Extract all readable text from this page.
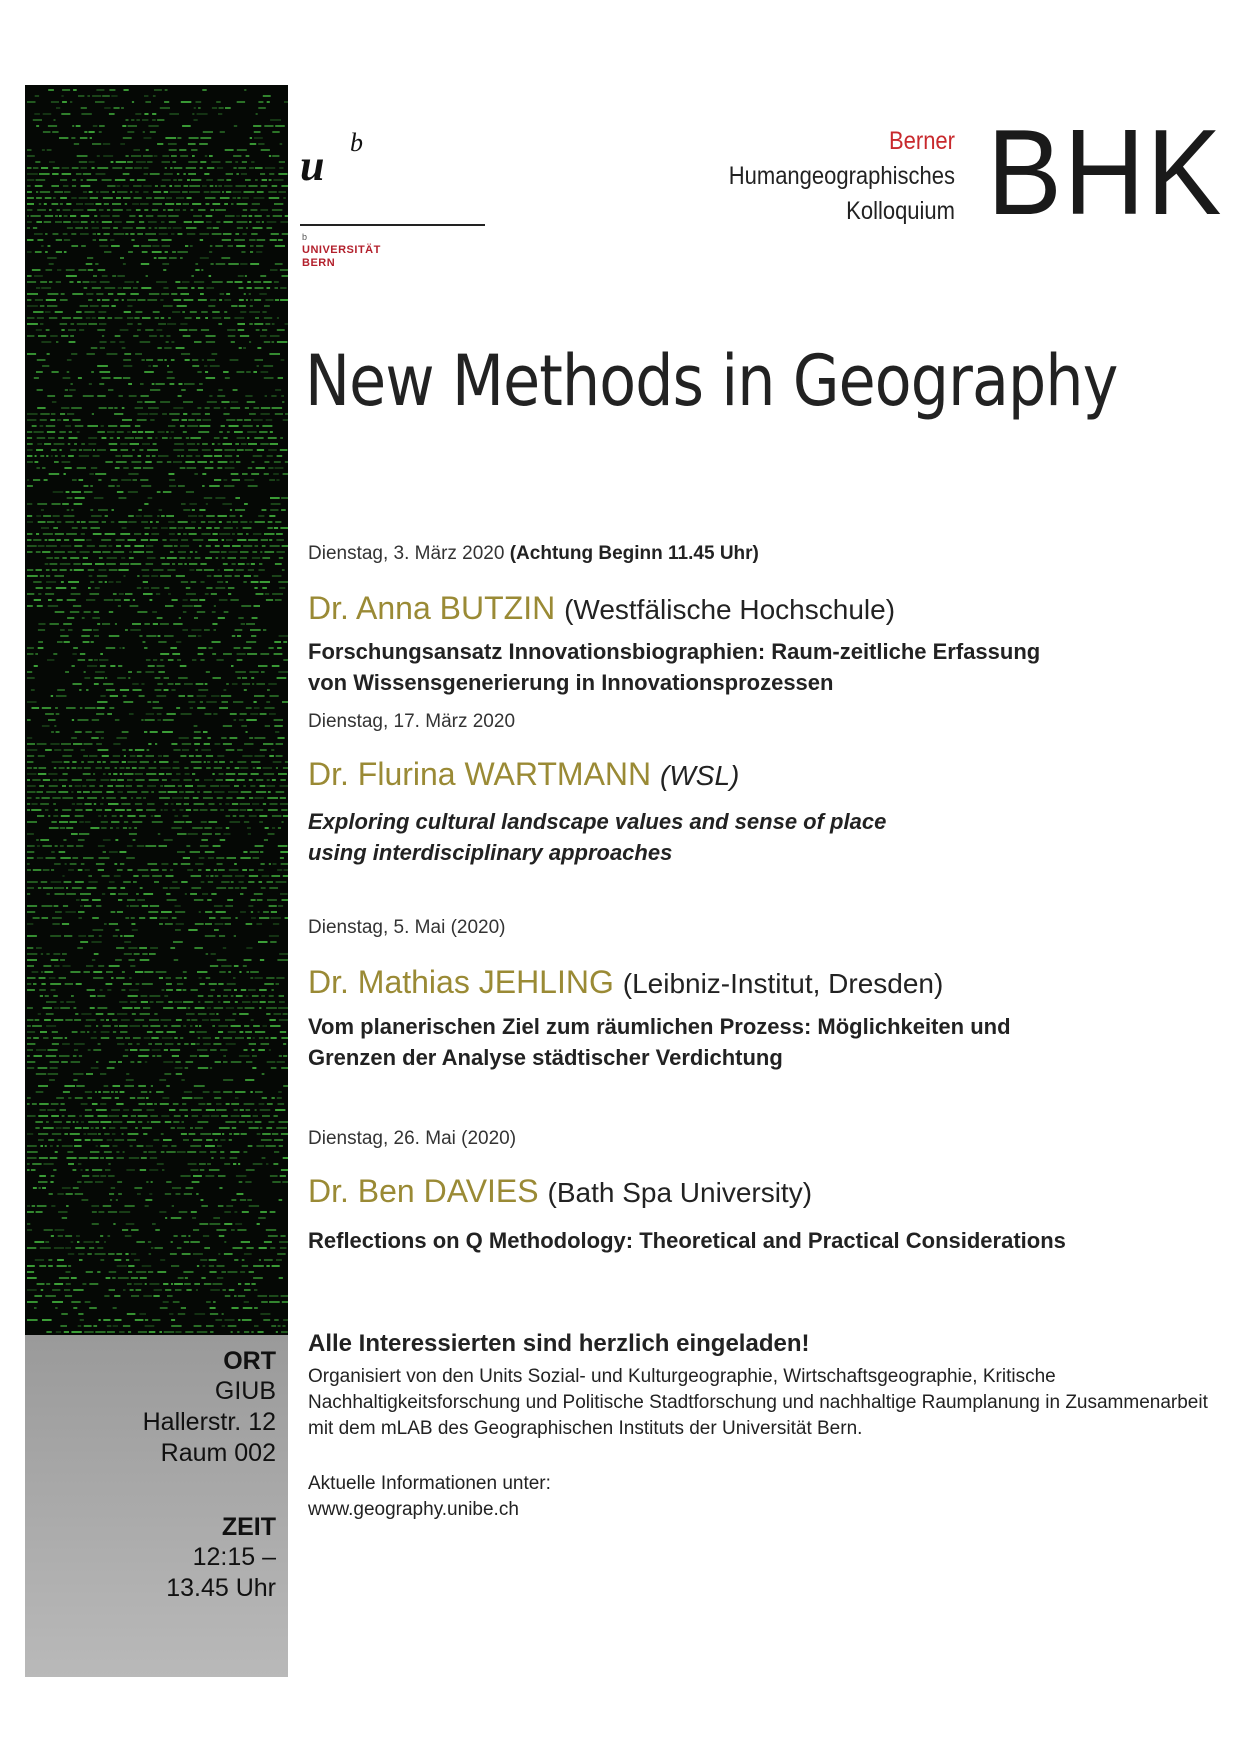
ORT
GIUB
Hallerstr. 12
Raum 002
ZEIT
12:15 –
13.45 Uhr
u b
b
UNIVERSITÄT
BERN
Berner
Humangeographisches
Kolloquium BHK
New Methods in Geography
Dienstag, 3. März 2020 (Achtung Beginn 11.45 Uhr)
Dr. Anna BUTZIN (Westfälische Hochschule)
Forschungsansatz Innovationsbiographien: Raum-zeitliche Erfassung
von Wissensgenerierung in Innovationsprozessen
Dienstag, 17. März 2020
Dr. Flurina WARTMANN (WSL)
Exploring cultural landscape values and sense of place
using interdisciplinary approaches
Dienstag, 5. Mai (2020)
Dr. Mathias JEHLING (Leibniz-Institut, Dresden)
Vom planerischen Ziel zum räumlichen Prozess: Möglichkeiten und
Grenzen der Analyse städtischer Verdichtung
Dienstag, 26. Mai (2020)
Dr. Ben DAVIES (Bath Spa University)
Reflections on Q Methodology: Theoretical and Practical Considerations
Alle Interessierten sind herzlich eingeladen!
Organisiert von den Units Sozial- und Kulturgeographie, Wirtschaftsgeographie, Kritische Nachhaltigkeitsforschung und Politische Stadtforschung und nachhaltige Raumplanung in Zusammenarbeit mit dem mLAB des Geographischen Instituts der Universität Bern.
Aktuelle Informationen unter:
www.geography.unibe.ch
